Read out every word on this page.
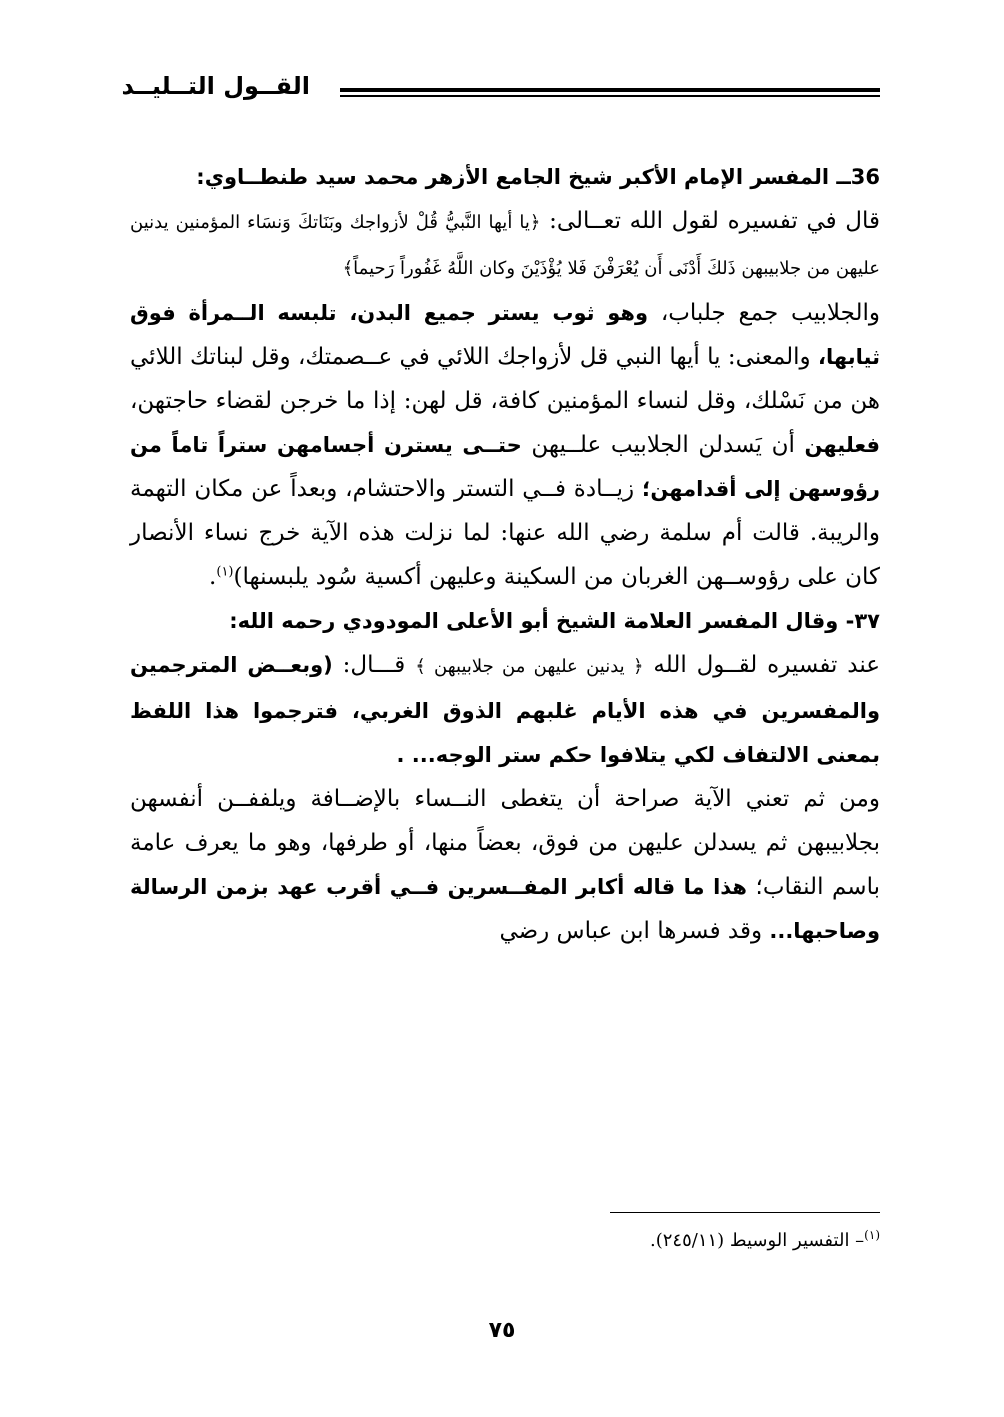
القــول التــليــد

36ــ المفسر الإمام الأكبر شيخ الجامع الأزهر محمد سيد طنطــاوي:

قال في تفسيره لقول الله تعــالى: ﴿يا أيها النَّبيُّ قُلْ لأزواجك وبَنَاتكَ وَنسَاء المؤمنين يدنين عليهن من جلابيبهن ذَلكَ أَدْنَى أَن يُعْرَفْنَ فَلا يُؤْذَيْنَ وكان اللَّهُ غَفُوراً رَحيماً﴾

والجلابيب جمع جلباب، وهو ثوب يستر جميع البدن، تلبسه الــمرأة فوق ثيابها، والمعنى: يا أيها النبي قل لأزواجك اللائي في عــصمتك، وقل لبناتك اللائي هن من نَسْلك، وقل لنساء المؤمنين كافة، قل لهن: إذا ما خرجن لقضاء حاجتهن، فعليهن أن يَسدلن الجلابيب علــيهن حتــى يسترن أجسامهن ستراً تاماً من رؤوسهن إلى أقدامهن؛ زيــادة فــي التستر والاحتشام، وبعداً عن مكان التهمة والريبة. قالت أم سلمة رضي الله عنها: لما نزلت هذه الآية خرج نساء الأنصار كان على رؤوســهن الغربان من السكينة وعليهن أكسية سُود يلبسنها)$^{(١)}$.

٣٧- وقال المفسر العلامة الشيخ أبو الأعلى المودودي رحمه الله:

عند تفسيره لقــول الله ﴿ يدنين عليهن من جلابيبهن ﴾ قـــال: (وبعــض المترجمين والمفسرين في هذه الأيام غلبهم الذوق الغربي، فترجموا هذا اللفظ بمعنى الالتفاف لكي يتلافوا حكم ستر الوجه... .

ومن ثم تعني الآية صراحة أن يتغطى النــساء بالإضــافة ويلففــن أنفسهن بجلابيبهن ثم يسدلن عليهن من فوق، بعضاً منها، أو طرفها، وهو ما يعرف عامة باسم النقاب؛ هذا ما قاله أكابر المفــسرين فــي أقرب عهد بزمن الرسالة وصاحبها... وقد فسرها ابن عباس رضي

$^{(١)}$– التفسير الوسيط (٢٤٥/١١).
٧٥
